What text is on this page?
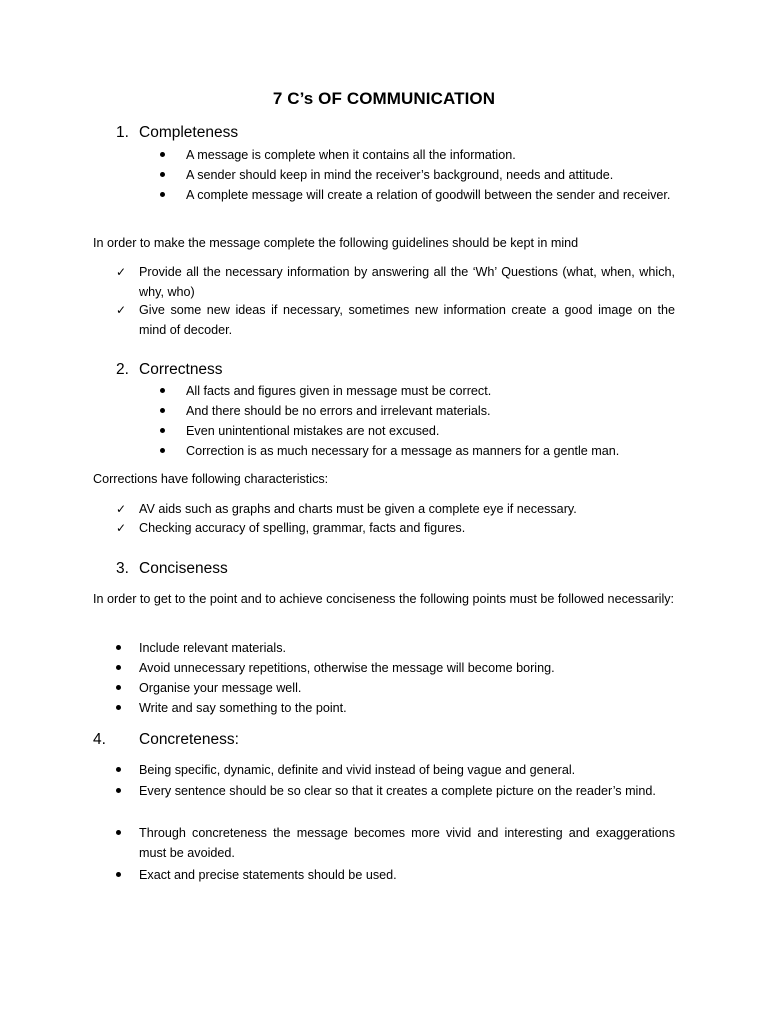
7 C’s OF COMMUNICATION
1. Completeness
A message is complete when it contains all the information.
A sender should keep in mind the receiver’s background, needs and attitude.
A complete message will create a relation of goodwill between the sender and receiver.
In order to make the message complete the following guidelines should be kept in mind
✓ Provide all the necessary information by answering all the ‘Wh’ Questions (what, when, which, why, who)
✓ Give some new ideas if necessary, sometimes new information create a good image on the mind of decoder.
2. Correctness
All facts and figures given in message must be correct.
And there should be no errors and irrelevant materials.
Even unintentional mistakes are not excused.
Correction is as much necessary for a message as manners for a gentle man.
Corrections have following characteristics:
✓ AV aids such as graphs and charts must be given a complete eye if necessary.
✓ Checking accuracy of spelling, grammar, facts and figures.
3. Conciseness
In order to get to the point and to achieve conciseness the following points must be followed necessarily:
Include relevant materials.
Avoid unnecessary repetitions, otherwise the message will become boring.
Organise your message well.
Write and say something to the point.
4. Concreteness:
Being specific, dynamic, definite and vivid instead of being vague and general.
Every sentence should be so clear so that it creates a complete picture on the reader’s mind.
Through concreteness the message becomes more vivid and interesting and exaggerations must be avoided.
Exact and precise statements should be used.
